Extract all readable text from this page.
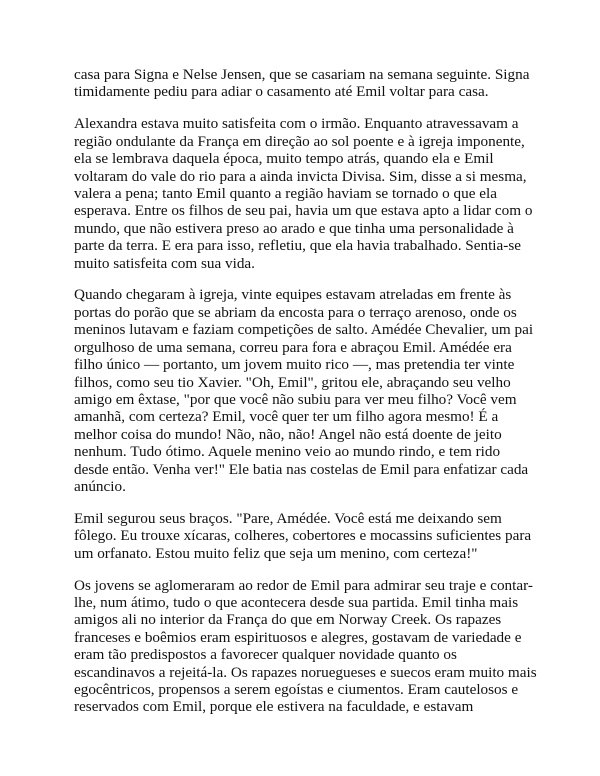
casa para Signa e Nelse Jensen, que se casariam na semana seguinte. Signa
timidamente pediu para adiar o casamento até Emil voltar para casa.

Alexandra estava muito satisfeita com o irmão. Enquanto atravessavam a
região ondulante da França em direção ao sol poente e à igreja imponente,
ela se lembrava daquela época, muito tempo atrás, quando ela e Emil
voltaram do vale do rio para a ainda invicta Divisa. Sim, disse a si mesma,
valera a pena; tanto Emil quanto a região haviam se tornado o que ela
esperava. Entre os filhos de seu pai, havia um que estava apto a lidar com o
mundo, que não estivera preso ao arado e que tinha uma personalidade à
parte da terra. E era para isso, refletiu, que ela havia trabalhado. Sentia-se
muito satisfeita com sua vida.

Quando chegaram à igreja, vinte equipes estavam atreladas em frente às
portas do porão que se abriam da encosta para o terraço arenoso, onde os
meninos lutavam e faziam competições de salto. Amédée Chevalier, um pai
orgulhoso de uma semana, correu para fora e abraçou Emil. Amédée era
filho único — portanto, um jovem muito rico —, mas pretendia ter vinte
filhos, como seu tio Xavier. "Oh, Emil", gritou ele, abraçando seu velho
amigo em êxtase, "por que você não subiu para ver meu filho? Você vem
amanhã, com certeza? Emil, você quer ter um filho agora mesmo! É a
melhor coisa do mundo! Não, não, não! Angel não está doente de jeito
nenhum. Tudo ótimo. Aquele menino veio ao mundo rindo, e tem rido
desde então. Venha ver!" Ele batia nas costelas de Emil para enfatizar cada
anúncio.

Emil segurou seus braços. "Pare, Amédée. Você está me deixando sem
fôlego. Eu trouxe xícaras, colheres, cobertores e mocassins suficientes para
um orfanato. Estou muito feliz que seja um menino, com certeza!"

Os jovens se aglomeraram ao redor de Emil para admirar seu traje e contar-
lhe, num átimo, tudo o que acontecera desde sua partida. Emil tinha mais
amigos ali no interior da França do que em Norway Creek. Os rapazes
franceses e boêmios eram espirituosos e alegres, gostavam de variedade e
eram tão predispostos a favorecer qualquer novidade quanto os
escandinavos a rejeitá-la. Os rapazes noruegueses e suecos eram muito mais
egocêntricos, propensos a serem egoístas e ciumentos. Eram cautelosos e
reservados com Emil, porque ele estivera na faculdade, e estavam
